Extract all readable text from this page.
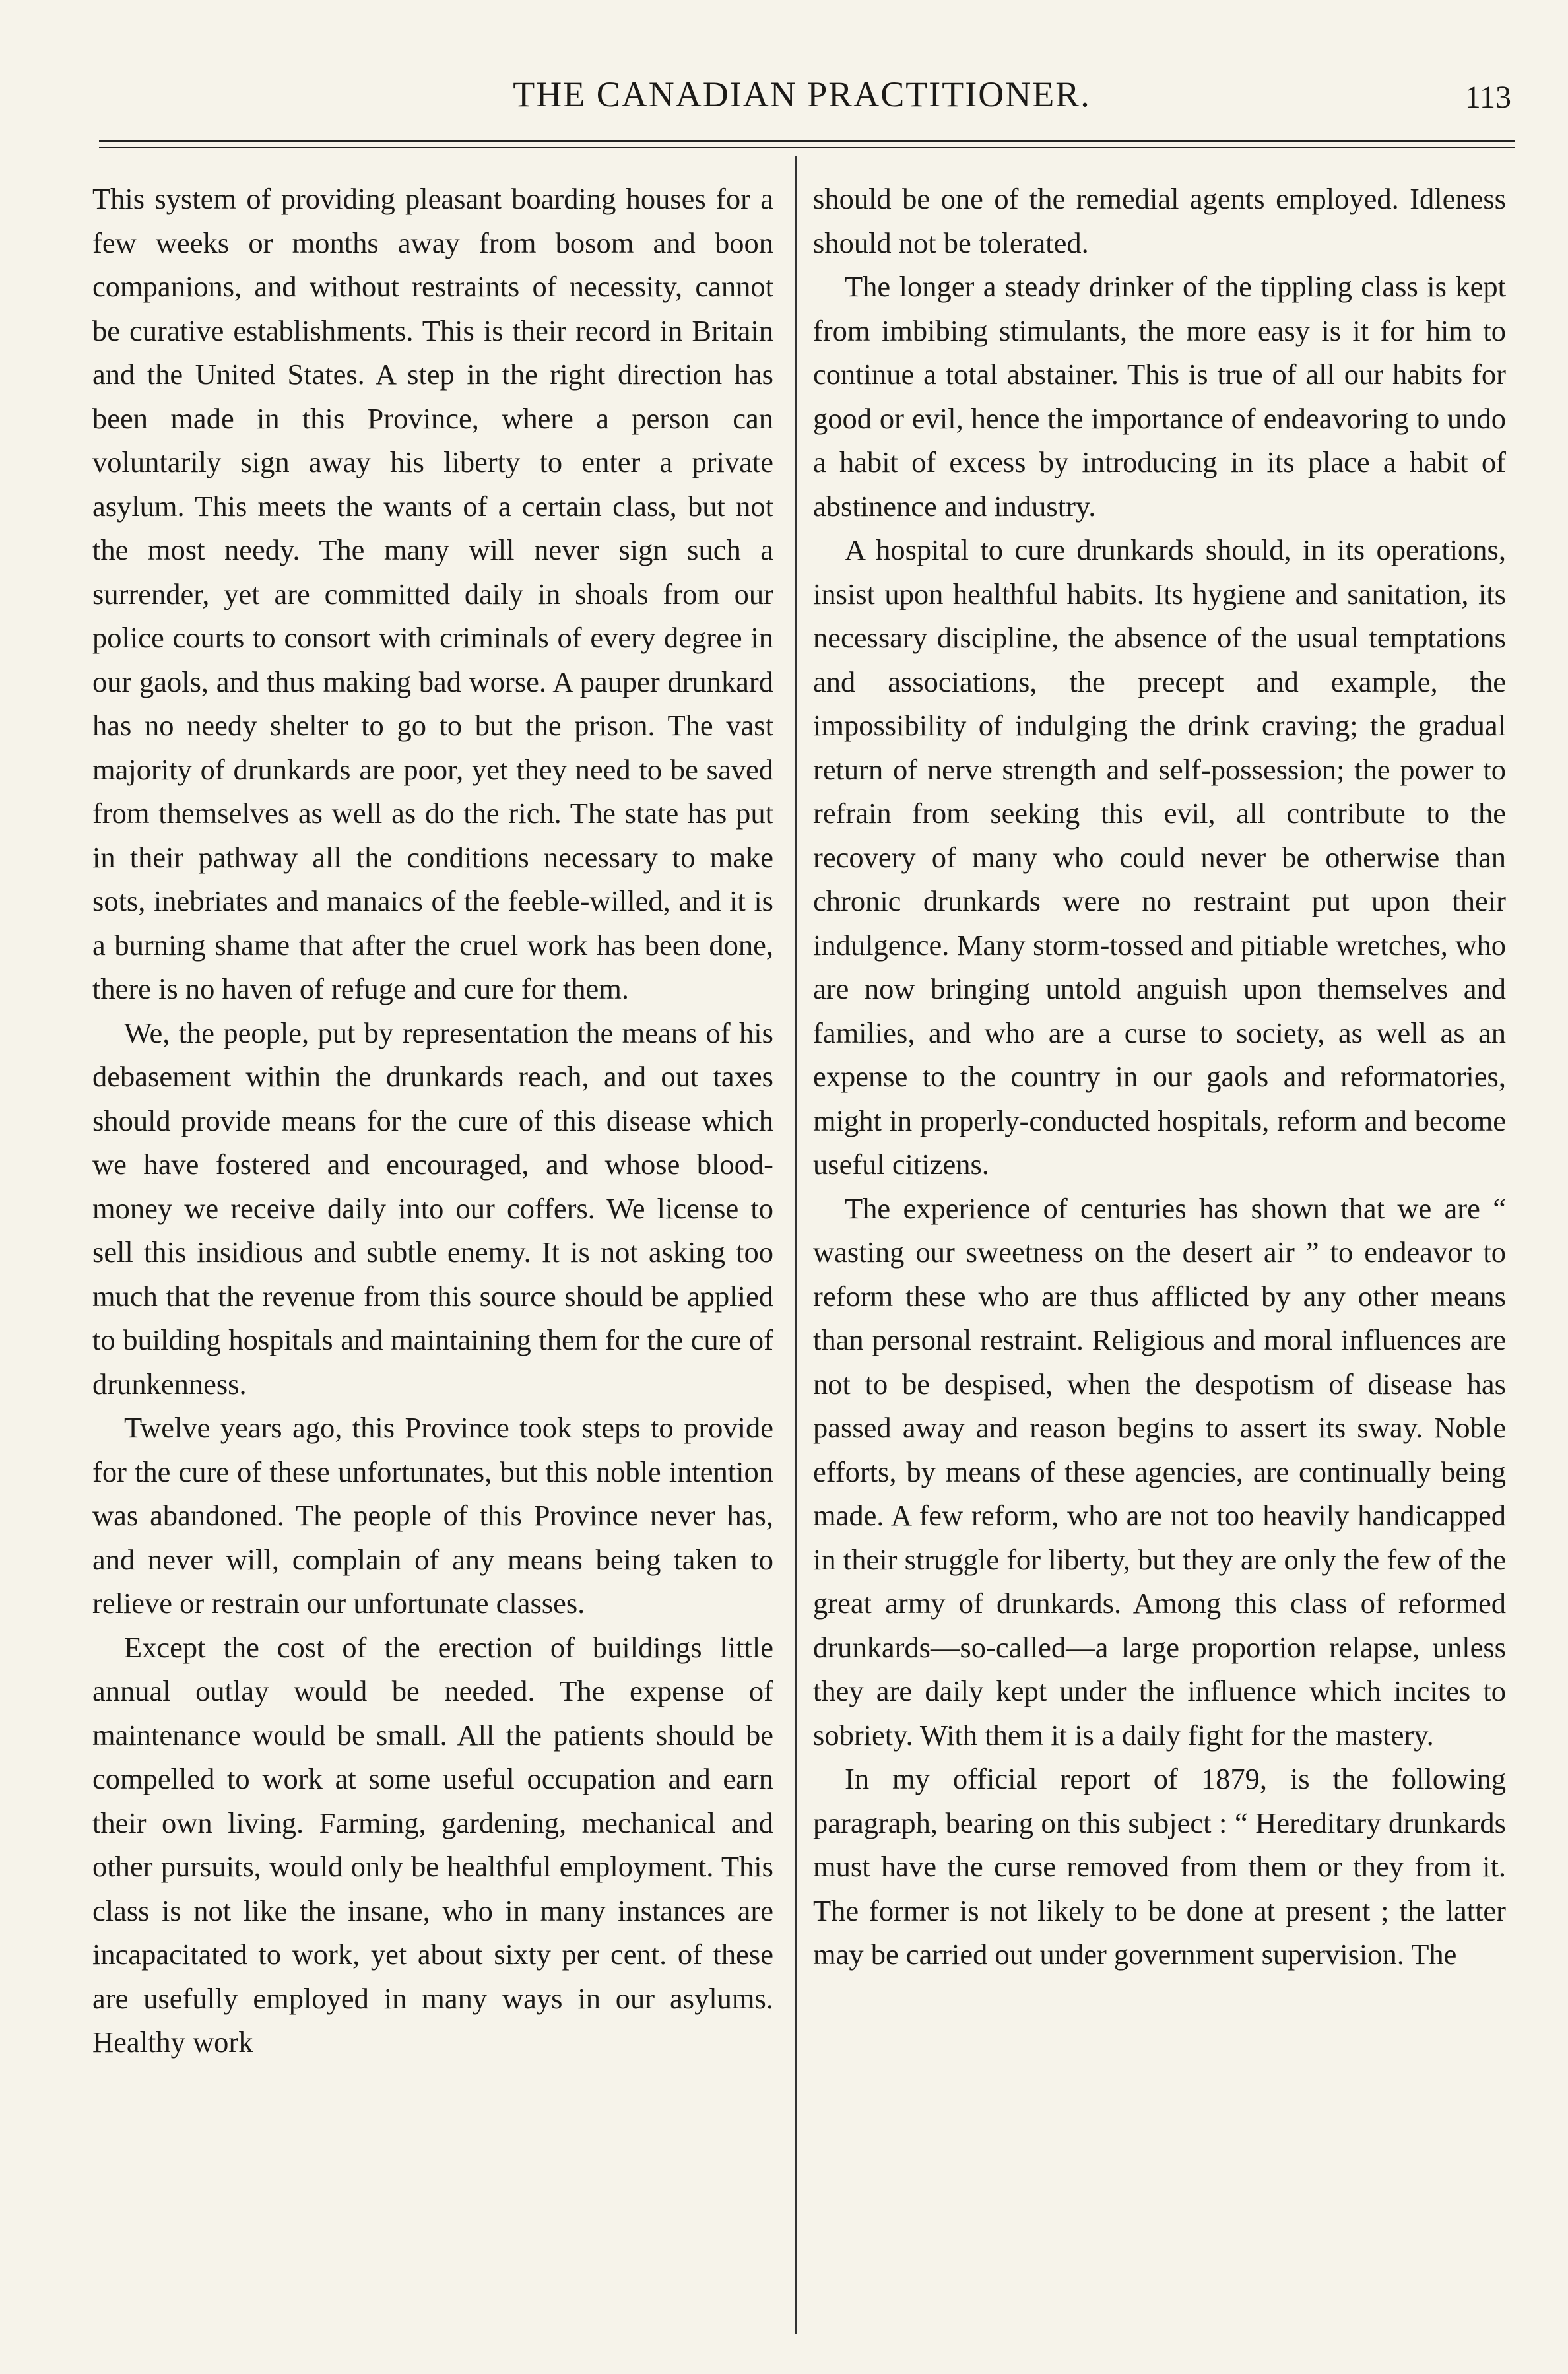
THE CANADIAN PRACTITIONER.	113

This system of providing pleasant boarding houses for a few weeks or months away from bosom and boon companions, and without restraints of necessity, cannot be curative establishments. This is their record in Britain and the United States. A step in the right direction has been made in this Province, where a person can voluntarily sign away his liberty to enter a private asylum. This meets the wants of a certain class, but not the most needy. The many will never sign such a surrender, yet are committed daily in shoals from our police courts to consort with criminals of every degree in our gaols, and thus making bad worse. A pauper drunkard has no needy shelter to go to but the prison. The vast majority of drunkards are poor, yet they need to be saved from themselves as well as do the rich. The state has put in their pathway all the conditions necessary to make sots, inebriates and manaics of the feeble-willed, and it is a burning shame that after the cruel work has been done, there is no haven of refuge and cure for them.

We, the people, put by representation the means of his debasement within the drunkards reach, and out taxes should provide means for the cure of this disease which we have fostered and encouraged, and whose blood-money we receive daily into our coffers. We license to sell this insidious and subtle enemy. It is not asking too much that the revenue from this source should be applied to building hospitals and maintaining them for the cure of drunkenness.

Twelve years ago, this Province took steps to provide for the cure of these unfortunates, but this noble intention was abandoned. The people of this Province never has, and never will, complain of any means being taken to relieve or restrain our unfortunate classes.

Except the cost of the erection of buildings little annual outlay would be needed. The expense of maintenance would be small. All the patients should be compelled to work at some useful occupation and earn their own living. Farming, gardening, mechanical and other pursuits, would only be healthful employment. This class is not like the insane, who in many instances are incapacitated to work, yet about sixty per cent. of these are usefully employed in many ways in our asylums. Healthy work

should be one of the remedial agents employed. Idleness should not be tolerated.

The longer a steady drinker of the tippling class is kept from imbibing stimulants, the more easy is it for him to continue a total abstainer. This is true of all our habits for good or evil, hence the importance of endeavoring to undo a habit of excess by introducing in its place a habit of abstinence and industry.

A hospital to cure drunkards should, in its operations, insist upon healthful habits. Its hygiene and sanitation, its necessary discipline, the absence of the usual temptations and associations, the precept and example, the impossibility of indulging the drink craving; the gradual return of nerve strength and self-possession; the power to refrain from seeking this evil, all contribute to the recovery of many who could never be otherwise than chronic drunkards were no restraint put upon their indulgence. Many storm-tossed and pitiable wretches, who are now bringing untold anguish upon themselves and families, and who are a curse to society, as well as an expense to the country in our gaols and reformatories, might in properly-conducted hospitals, reform and become useful citizens.

The experience of centuries has shown that we are “ wasting our sweetness on the desert air ” to endeavor to reform these who are thus afflicted by any other means than personal restraint. Religious and moral influences are not to be despised, when the despotism of disease has passed away and reason begins to assert its sway. Noble efforts, by means of these agencies, are continually being made. A few reform, who are not too heavily handicapped in their struggle for liberty, but they are only the few of the great army of drunkards. Among this class of reformed drunkards—so-called—a large proportion relapse, unless they are daily kept under the influence which incites to sobriety. With them it is a daily fight for the mastery.

In my official report of 1879, is the following paragraph, bearing on this subject : “ Hereditary drunkards must have the curse removed from them or they from it. The former is not likely to be done at present ; the latter may be carried out under government supervision. The
